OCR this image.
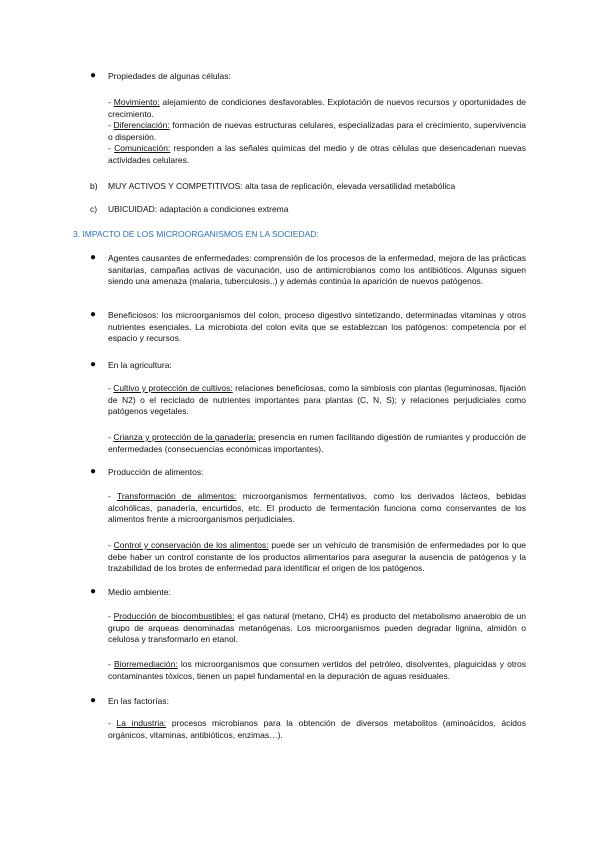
● Propiedades de algunas células:
- Movimiento: alejamiento de condiciones desfavorables. Explotación de nuevos recursos y oportunidades de crecimiento.
- Diferenciación: formación de nuevas estructuras celulares, especializadas para el crecimiento, supervivencia o dispersión.
- Comunicación: responden a las señales químicas del medio y de otras células que desencadenan nuevas actividades celulares.
b) MUY ACTIVOS Y COMPETITIVOS: alta tasa de replicación, elevada versatilidad metabólica
c) UBICUIDAD: adaptación a condiciones extrema
3. IMPACTO DE LOS MICROORGANISMOS EN LA SOCIEDAD:
● Agentes causantes de enfermedades: comprensión de los procesos de la enfermedad, mejora de las prácticas sanitarias, campañas activas de vacunación, uso de antimicrobianos como los antibióticos. Algunas siguen siendo una amenaza (malaria, tuberculosis..) y además continúa la aparición de nuevos patógenos.
● Beneficiosos: los microorganismos del colon, proceso digestivo sintetizando, determinadas vitaminas y otros nutrientes esenciales. La microbiota del colon evita que se establezcan los patógenos: competencia por el espacio y recursos.
● En la agricultura:
- Cultivo y protección de cultivos: relaciones beneficiosas, como la simbiosis con plantas (leguminosas, fijación de N2) o el reciclado de nutrientes importantes para plantas (C, N, S); y relaciones perjudiciales como patógenos vegetales.
- Crianza y protección de la ganadería: presencia en rumen facilitando digestión de rumiantes y producción de enfermedades (consecuencias económicas importantes).
● Producción de alimentos:
- Transformación de alimentos: microorganismos fermentativos, como los derivados lácteos, bebidas alcohólicas, panadería, encurtidos, etc. El producto de fermentación funciona como conservantes de los alimentos frente a microorganismos perjudiciales.
- Control y conservación de los alimentos: puede ser un vehículo de transmisión de enfermedades por lo que debe haber un control constante de los productos alimentarios para asegurar la ausencia de patógenos y la trazabilidad de los brotes de enfermedad para identificar el origen de los patógenos.
● Medio ambiente:
- Producción de biocombustibles: el gas natural (metano, CH4) es producto del metabolismo anaerobio de un grupo de arqueas denominadas metanógenas. Los microorganismos pueden degradar lignina, almidón o celulosa y transformarlo en etanol.
- Biorremediación: los microorganismos que consumen vertidos del petróleo, disolventes, plaguicidas y otros contaminantes tóxicos, tienen un papel fundamental en la depuración de aguas residuales.
● En las factorías:
- La industria: procesos microbianos para la obtención de diversos metabolitos (aminoácidos, ácidos orgánicos, vitaminas, antibióticos, enzimas…).
